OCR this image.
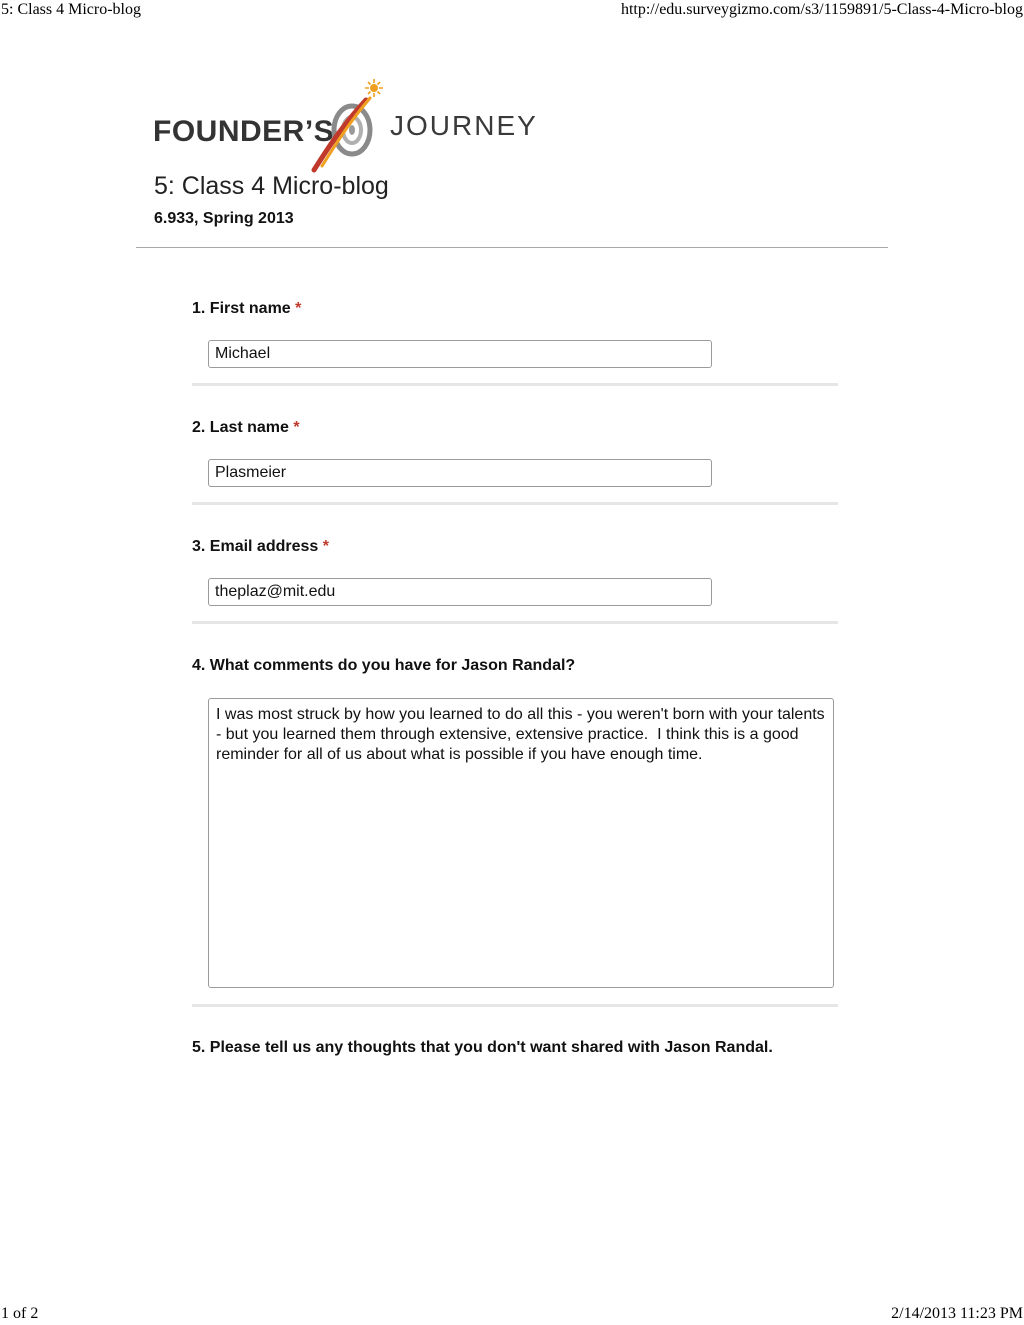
5: Class 4 Micro-blog	http://edu.surveygizmo.com/s3/1159891/5-Class-4-Micro-blog
FOUNDER’S JOURNEY
5: Class 4 Micro-blog
6.933, Spring 2013
1. First name *
Michael
2. Last name *
Plasmeier
3. Email address *
theplaz@mit.edu
4. What comments do you have for Jason Randal?
I was most struck by how you learned to do all this - you weren't born with your talents - but you learned them through extensive, extensive practice.  I think this is a good reminder for all of us about what is possible if you have enough time.
5. Please tell us any thoughts that you don't want shared with Jason Randal.
1 of 2	2/14/2013 11:23 PM
